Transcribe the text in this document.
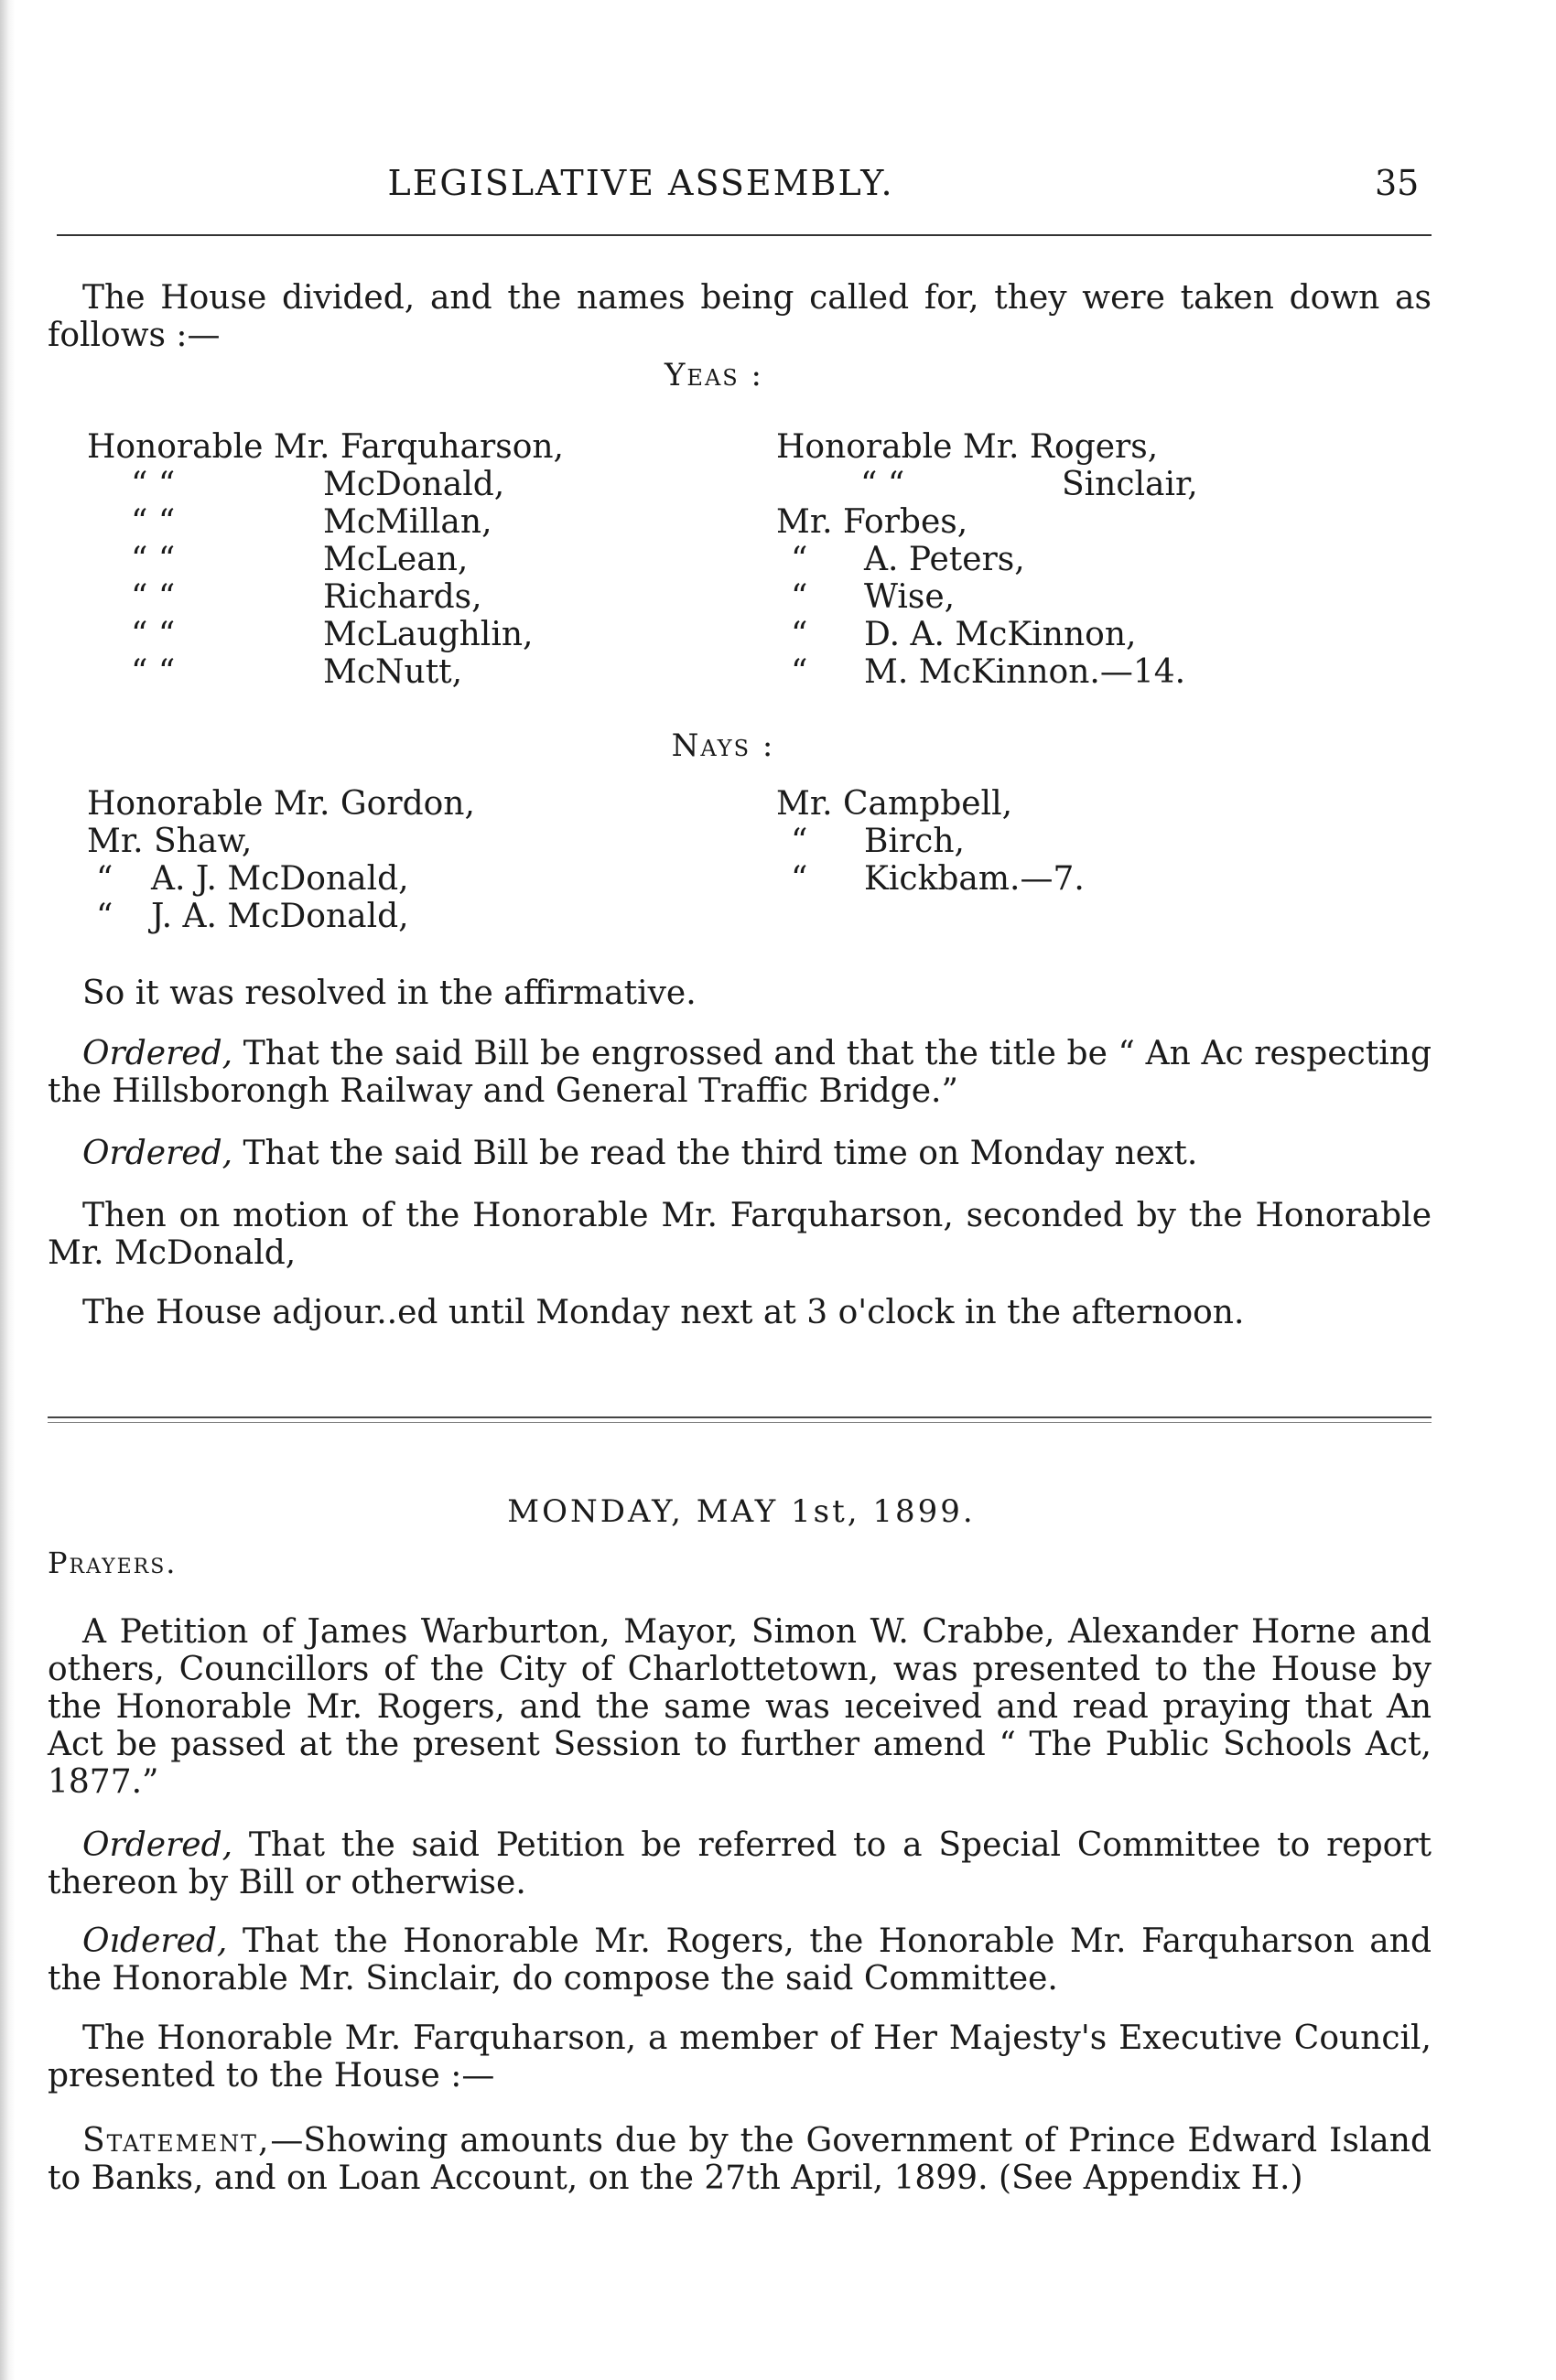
LEGISLATIVE ASSEMBLY.	35

The House divided, and the names being called for, they were taken down as follows :—

Yeas :
Honorable Mr. Farquharson,
“ “	McDonald,
“ “	McMillan,
“ “	McLean,
“ “	Richards,
“ “	McLaughlin,
“ “	McNutt,
Honorable Mr. Rogers,
“ “	Sinclair,
Mr. Forbes,
“ A. Peters,
“ Wise,
“ D. A. McKinnon,
“ M. McKinnon.—14.
Nays :
Honorable Mr. Gordon,
Mr. Shaw,
“ A. J. McDonald,
“ J. A. McDonald,
Mr. Campbell,
“ Birch,
“ Kickbam.—7.

So it was resolved in the affirmative.

Ordered, That the said Bill be engrossed and that the title be “ An Ac respecting the Hillsborongh Railway and General Traffic Bridge.”

Ordered, That the said Bill be read the third time on Monday next.

Then on motion of the Honorable Mr. Farquharson, seconded by the Honorable Mr. McDonald,

The House adjour..ed until Monday next at 3 o'clock in the afternoon.

MONDAY, MAY 1st, 1899.
Prayers.

A Petition of James Warburton, Mayor, Simon W. Crabbe, Alexander Horne and others, Councillors of the City of Charlottetown, was presented to the House by the Honorable Mr. Rogers, and the same was ıeceived and read praying that An Act be passed at the present Session to further amend “ The Public Schools Act, 1877.”

Ordered, That the said Petition be referred to a Special Committee to report thereon by Bill or otherwise.

Oıdered, That the Honorable Mr. Rogers, the Honorable Mr. Farquharson and the Honorable Mr. Sinclair, do compose the said Committee.

The Honorable Mr. Farquharson, a member of Her Majesty's Executive Council, presented to the House :—

Statement,—Showing amounts due by the Government of Prince Edward Island to Banks, and on Loan Account, on the 27th April, 1899. (See Appendix H.)
